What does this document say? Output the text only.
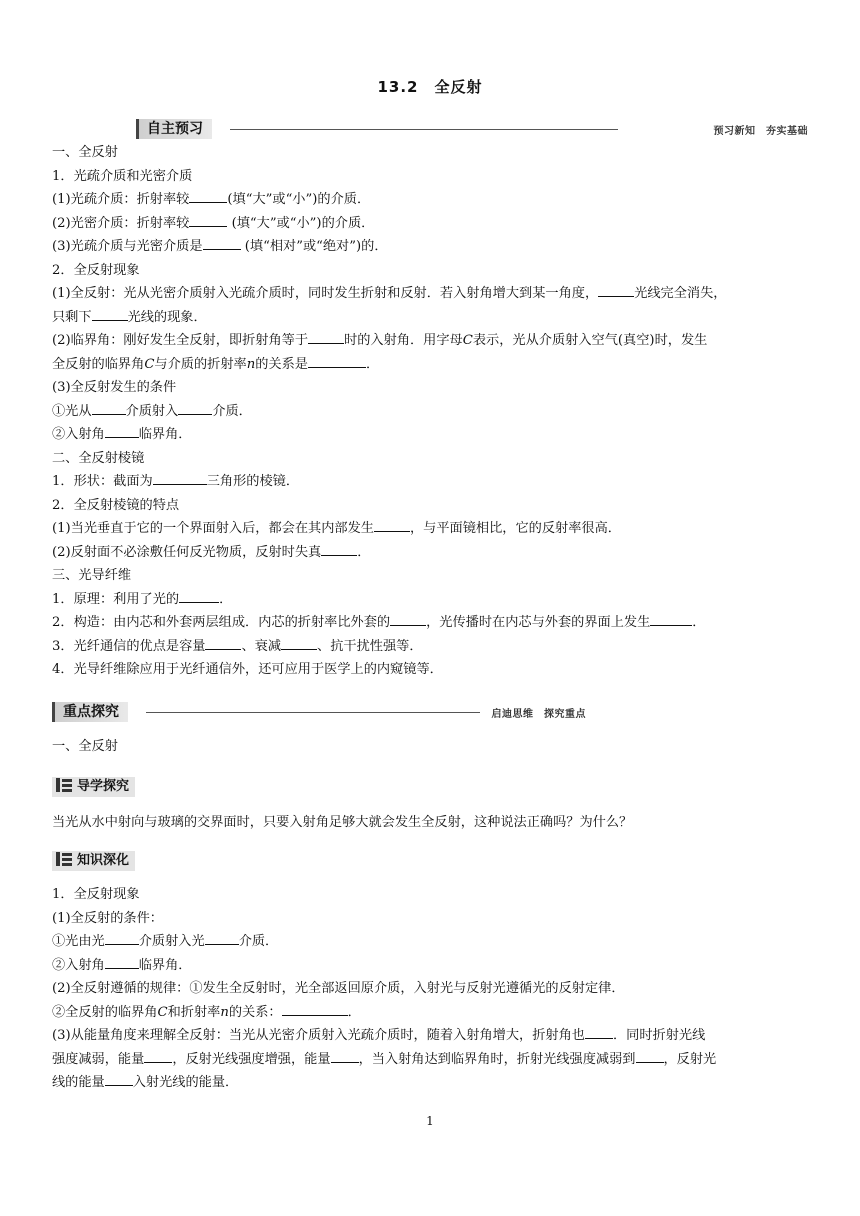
13.2　全反射
自主预习	预习新知　夯实基础

一、全反射

1．光疏介质和光密介质

(1)光疏介质：折射率较	(填“大”或“小”)的介质．

(2)光密介质：折射率较	(填“大”或“小”)的介质．

(3)光疏介质与光密介质是	(填“相对”或“绝对”)的．

2．全反射现象

(1)全反射：光从光密介质射入光疏介质时，同时发生折射和反射．若入射角增大到某一角度，	光线完全消失，

只剩下	光线的现象．

(2)临界角：刚好发生全反射，即折射角等于	时的入射角．用字母C表示，光从介质射入空气(真空)时，发生

全反射的临界角C与介质的折射率n的关系是	．

(3)全反射发生的条件

①光从	介质射入	介质．

②入射角	临界角．

二、全反射棱镜

1．形状：截面为	三角形的棱镜．

2．全反射棱镜的特点

(1)当光垂直于它的一个界面射入后，都会在其内部发生	，与平面镜相比，它的反射率很高．

(2)反射面不必涂敷任何反光物质，反射时失真	．

三、光导纤维

1．原理：利用了光的	．

2．构造：由内芯和外套两层组成．内芯的折射率比外套的	，光传播时在内芯与外套的界面上发生	．

3．光纤通信的优点是容量	、衰减	、抗干扰性强等．

4．光导纤维除应用于光纤通信外，还可应用于医学上的内窥镜等．

重点探究	启迪思维　探究重点

一、全反射

导学探究

当光从水中射向与玻璃的交界面时，只要入射角足够大就会发生全反射，这种说法正确吗？为什么？

知识深化

1．全反射现象

(1)全反射的条件：

①光由光	介质射入光	介质．

②入射角	临界角．

(2)全反射遵循的规律：①发生全反射时，光全部返回原介质，入射光与反射光遵循光的反射定律．

②全反射的临界角C和折射率n的关系：	．

(3)从能量角度来理解全反射：当光从光密介质射入光疏介质时，随着入射角增大，折射角也 ．同时折射光线

强度减弱，能量 ，反射光线强度增强，能量 ，当入射角达到临界角时，折射光线强度减弱到 ，反射光

线的能量 入射光线的能量．

1
